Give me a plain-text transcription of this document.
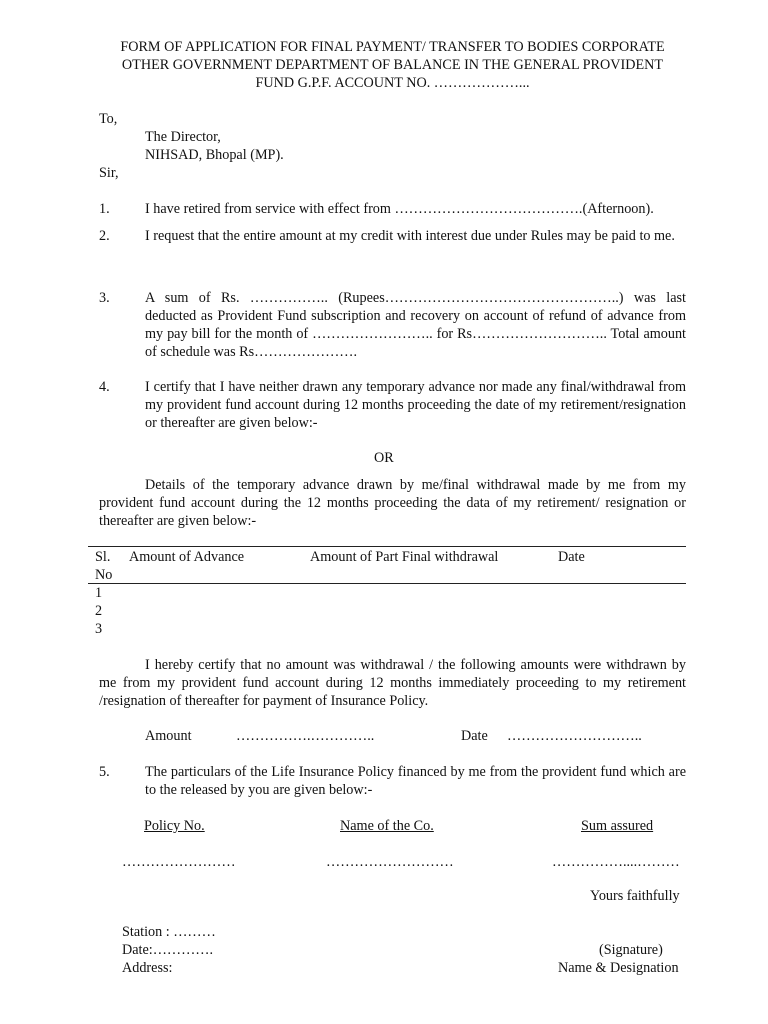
FORM OF APPLICATION FOR FINAL PAYMENT/ TRANSFER TO BODIES CORPORATE
OTHER GOVERNMENT DEPARTMENT OF BALANCE IN THE GENERAL PROVIDENT
FUND G.P.F. ACCOUNT NO. ………………...
To,
The Director,
NIHSAD, Bhopal (MP).
Sir,
1. I have retired from service with effect from ………………………………….(Afternoon).
2. I request that the entire amount at my credit with interest due under Rules may be paid to me.
3. A sum of Rs. …………….. (Rupees…………………………………………..) was last deducted as Provident Fund subscription and recovery on account of refund of advance from my pay bill for the month of …………………….. for Rs……………………….. Total amount of schedule was Rs………………….
4. I certify that I have neither drawn any temporary advance nor made any final/withdrawal from my provident fund account during 12 months proceeding the date of my retirement/resignation or thereafter are given below:-
OR
Details of the temporary advance drawn by me/final withdrawal made by me from my provident fund account during the 12 months proceeding the data of my retirement/ resignation or thereafter are given below:-
Sl. No
Amount of Advance	Amount of Part Final withdrawal	Date
1
2
3
I hereby certify that no amount was withdrawal / the following amounts were withdrawn by me from my provident fund account during 12 months immediately proceeding to my retirement /resignation of thereafter for payment of Insurance Policy.
Amount	…………….…………..	Date ………………………..
5. The particulars of the Life Insurance Policy financed by me from the provident fund which are to the released by you are given below:-
Policy No.	Name of the Co.	Sum assured
……………………	………………………	……………....………
Yours faithfully
Station : ………
Date:………….
Address:
(Signature)
Name & Designation
